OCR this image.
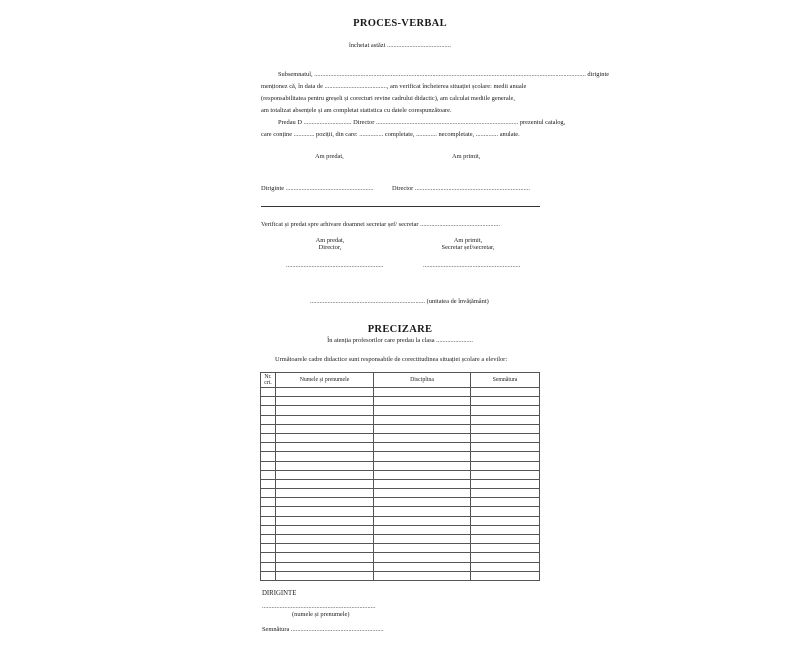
PROCES-VERBAL
încheiat astăzi ........................................
Subsemnatul, .......................................................................................................................................................................... diriginte
menționez că, în data de ......................................., am verificat încheierea situației școlare: medii anuale
(responsabilitatea pentru greșeli și corecturi revine cadrului didactic), am calculat mediile generale,
am totalizat absențele și am completat statistica cu datele corespunzătoare.
Predau D .............................. Director ......................................................................................... prezentul catalog,
care conține ............. poziții, din care: ............... completate, ............. necompletate, .............. anulate.
Am predat,	Am primit,
Diriginte .......................................................	Director ........................................................................
Verificat și predat spre arhivare doamnei secretar șef/ secretar ..................................................
Am predat,
Director,
Am primit,
Secretar șef/secretar,
.............................................................	.............................................................
........................................................................ (unitatea de învățământ)
PRECIZARE
În atenția profesorilor care predau la clasa .......................
Următoarele cadre didactice sunt responsabile de corectitudinea situației școlare a elevilor:
Nr.
crt.	Numele și prenumele	Disciplina	Semnătura

DIRIGINTE
.......................................................................
(numele și prenumele)
Semnătura ..........................................................
